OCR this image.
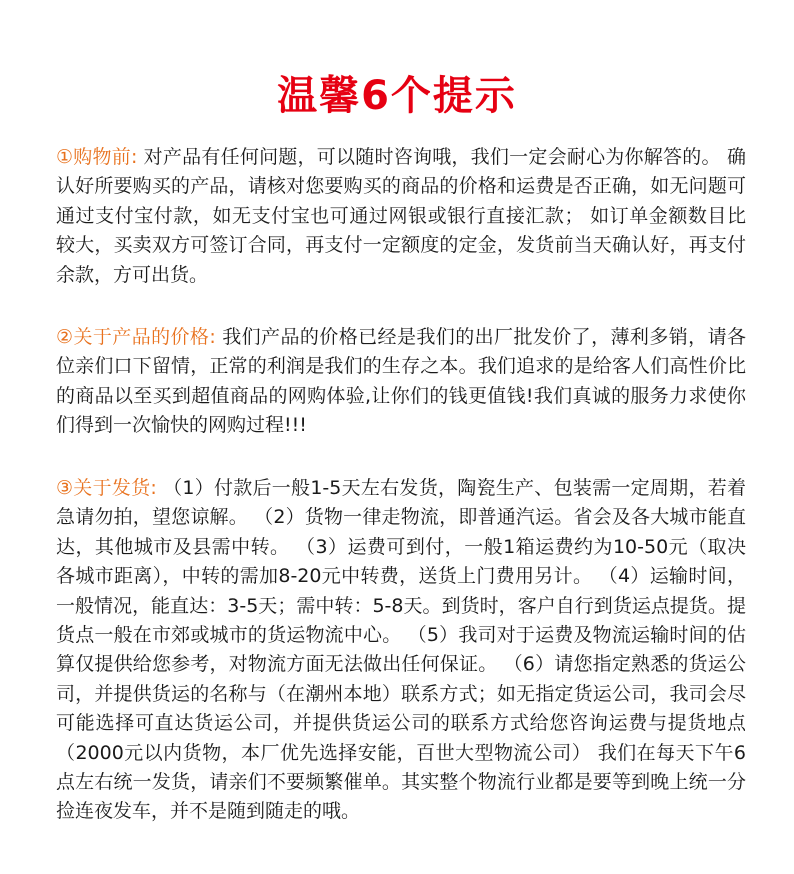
温馨6个提示
①购物前: 对产品有任何问题，可以随时咨询哦，我们一定会耐心为你解答的。 确认好所要购买的产品，请核对您要购买的商品的价格和运费是否正确，如无问题可通过支付宝付款，如无支付宝也可通过网银或银行直接汇款； 如订单金额数目比较大，买卖双方可签订合同，再支付一定额度的定金，发货前当天确认好，再支付余款，方可出货。
②关于产品的价格: 我们产品的价格已经是我们的出厂批发价了，薄利多销，请各位亲们口下留情，正常的利润是我们的生存之本。我们追求的是给客人们高性价比的商品以至买到超值商品的网购体验,让你们的钱更值钱!我们真诚的服务力求使你们得到一次愉快的网购过程!!!
③关于发货: （1）付款后一般1-5天左右发货，陶瓷生产、包装需一定周期，若着急请勿拍，望您谅解。 （2）货物一律走物流，即普通汽运。省会及各大城市能直达，其他城市及县需中转。 （3）运费可到付，一般1箱运费约为10-50元（取决各城市距离），中转的需加8-20元中转费，送货上门费用另计。 （4）运输时间，一般情况，能直达：3-5天；需中转：5-8天。到货时，客户自行到货运点提货。提货点一般在市郊或城市的货运物流中心。 （5）我司对于运费及物流运输时间的估算仅提供给您参考，对物流方面无法做出任何保证。 （6）请您指定熟悉的货运公司，并提供货运的名称与（在潮州本地）联系方式；如无指定货运公司，我司会尽可能选择可直达货运公司，并提供货运公司的联系方式给您咨询运费与提货地点（2000元以内货物，本厂优先选择安能，百世大型物流公司） 我们在每天下午6点左右统一发货，请亲们不要频繁催单。其实整个物流行业都是要等到晚上统一分捡连夜发车，并不是随到随走的哦。
